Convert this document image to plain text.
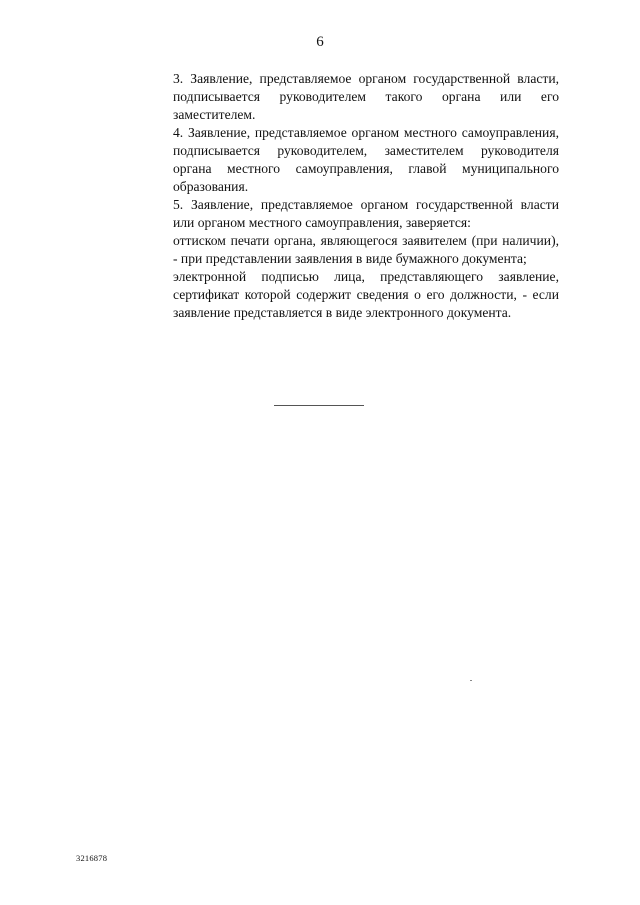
6

3. Заявление, представляемое органом государственной власти, подписывается руководителем такого органа или его заместителем.

4. Заявление, представляемое органом местного самоуправления, подписывается руководителем, заместителем руководителя органа местного самоуправления, главой муниципального образования.

5. Заявление, представляемое органом государственной власти или органом местного самоуправления, заверяется:

оттиском печати органа, являющегося заявителем (при наличии), - при представлении заявления в виде бумажного документа;

электронной подписью лица, представляющего заявление, сертификат которой содержит сведения о его должности, - если заявление представляется в виде электронного документа.

3216878
